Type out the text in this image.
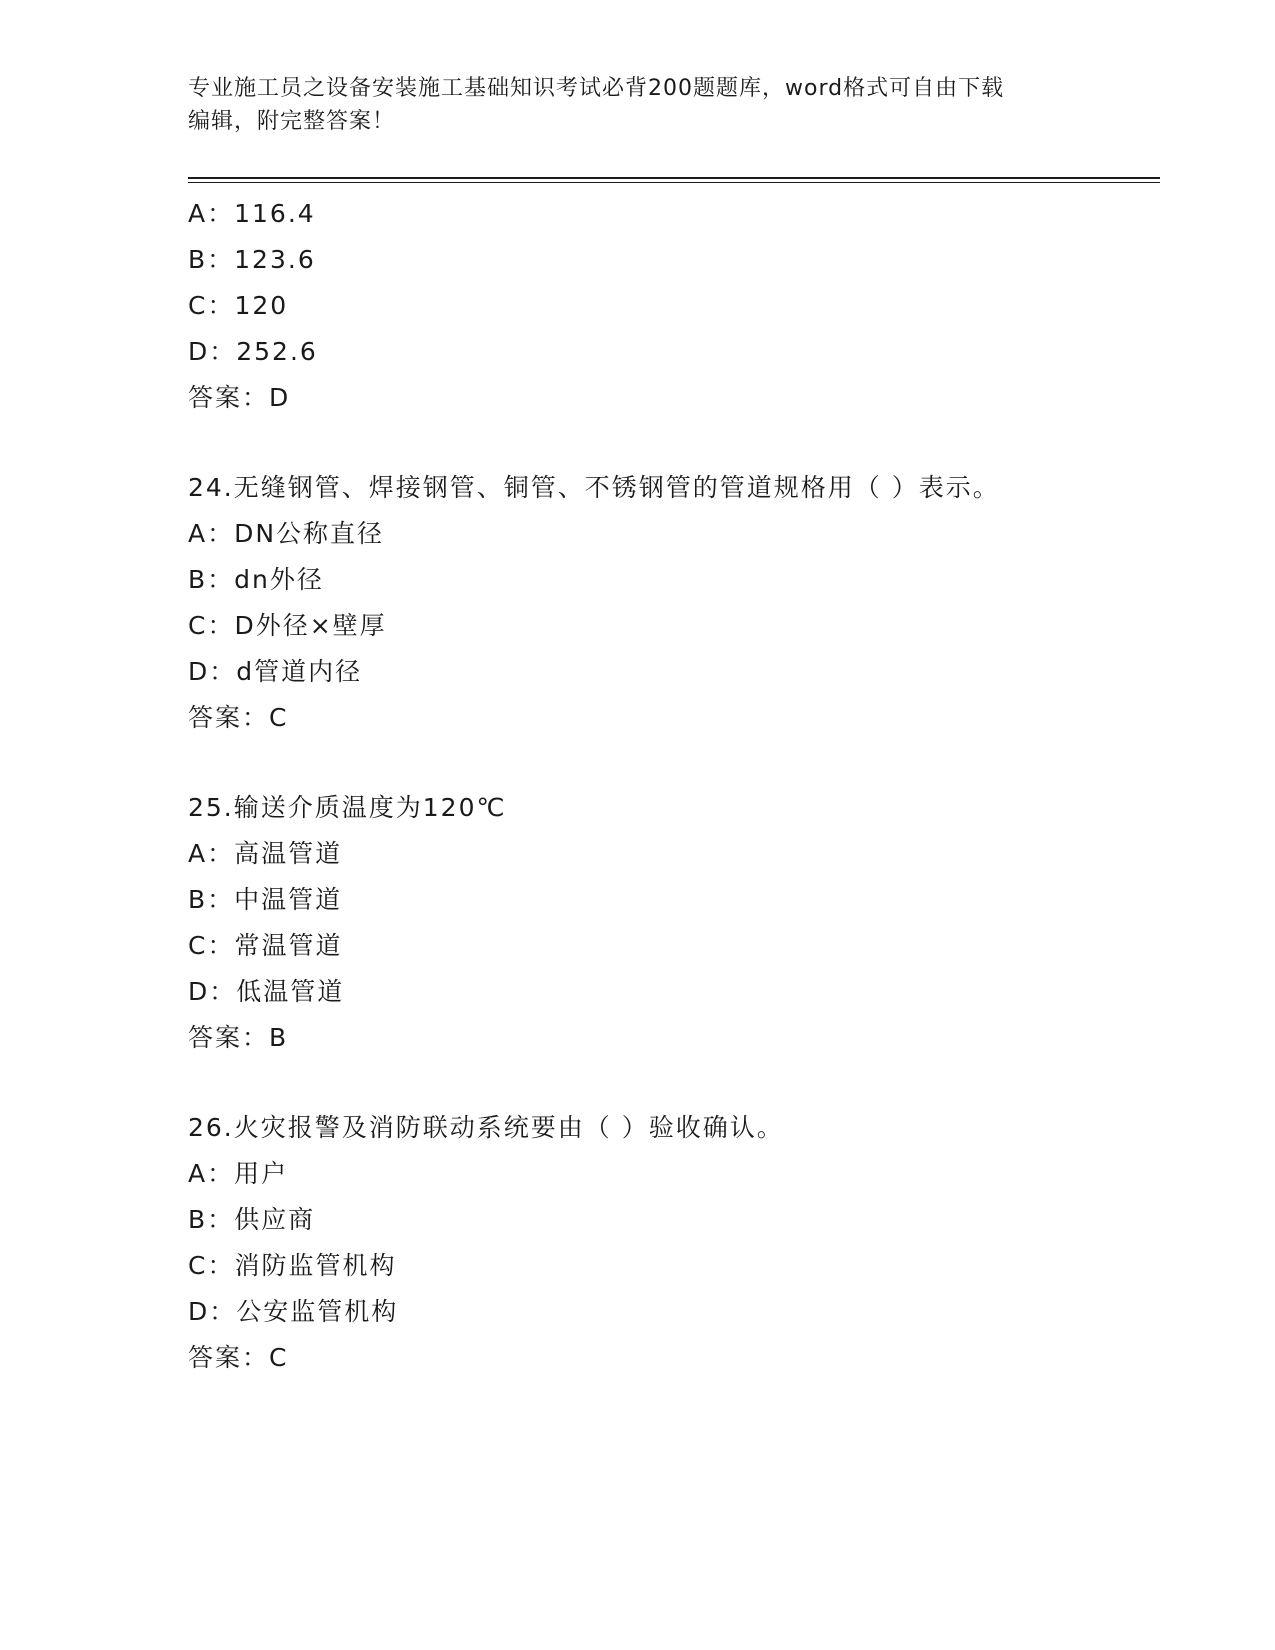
专业施工员之设备安装施工基础知识考试必背200题题库，word格式可自由下载
编辑，附完整答案！
A：116.4
B：123.6
C：120
D：252.6
答案：D
24.无缝钢管、焊接钢管、铜管、不锈钢管的管道规格用（ ）表示。
A：DN公称直径
B：dn外径
C：D外径×壁厚
D：d管道内径
答案：C
25.输送介质温度为120℃
A：高温管道
B：中温管道
C：常温管道
D：低温管道
答案：B
26.火灾报警及消防联动系统要由（ ）验收确认。
A：用户
B：供应商
C：消防监管机构
D：公安监管机构
答案：C
